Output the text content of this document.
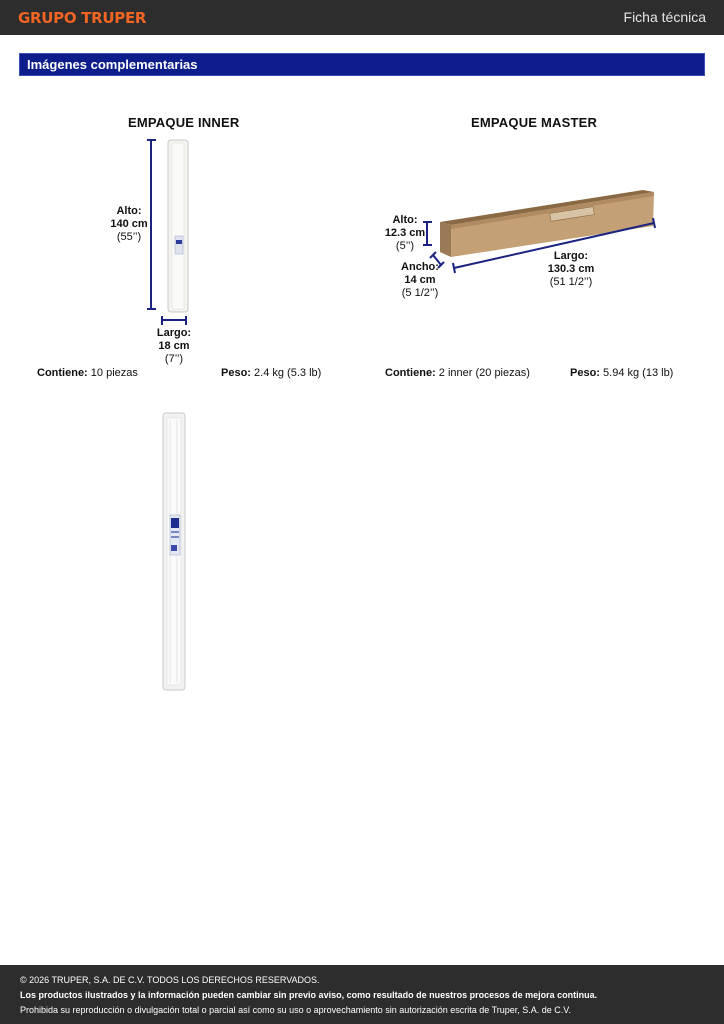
GRUPO TRUPER	Ficha técnica
Imágenes complementarias
EMPAQUE INNER	EMPAQUE MASTER
Alto:
140 cm
(55’’)
Largo:
18 cm
(7’’)
Alto:
12.3 cm
(5’’)
Ancho:
14 cm
(5 1/2’’)
Largo:
130.3 cm
(51 1/2’’)
Contiene: 10 piezas	Peso: 2.4 kg (5.3 lb)	Contiene: 2 inner (20 piezas)	Peso: 5.94 kg (13 lb)
© 2026 TRUPER, S.A. DE C.V. TODOS LOS DERECHOS RESERVADOS.
Los productos ilustrados y la información pueden cambiar sin previo aviso, como resultado de nuestros procesos de mejora continua.
Prohibida su reproducción o divulgación total o parcial así como su uso o aprovechamiento sin autorización escrita de Truper, S.A. de C.V.
